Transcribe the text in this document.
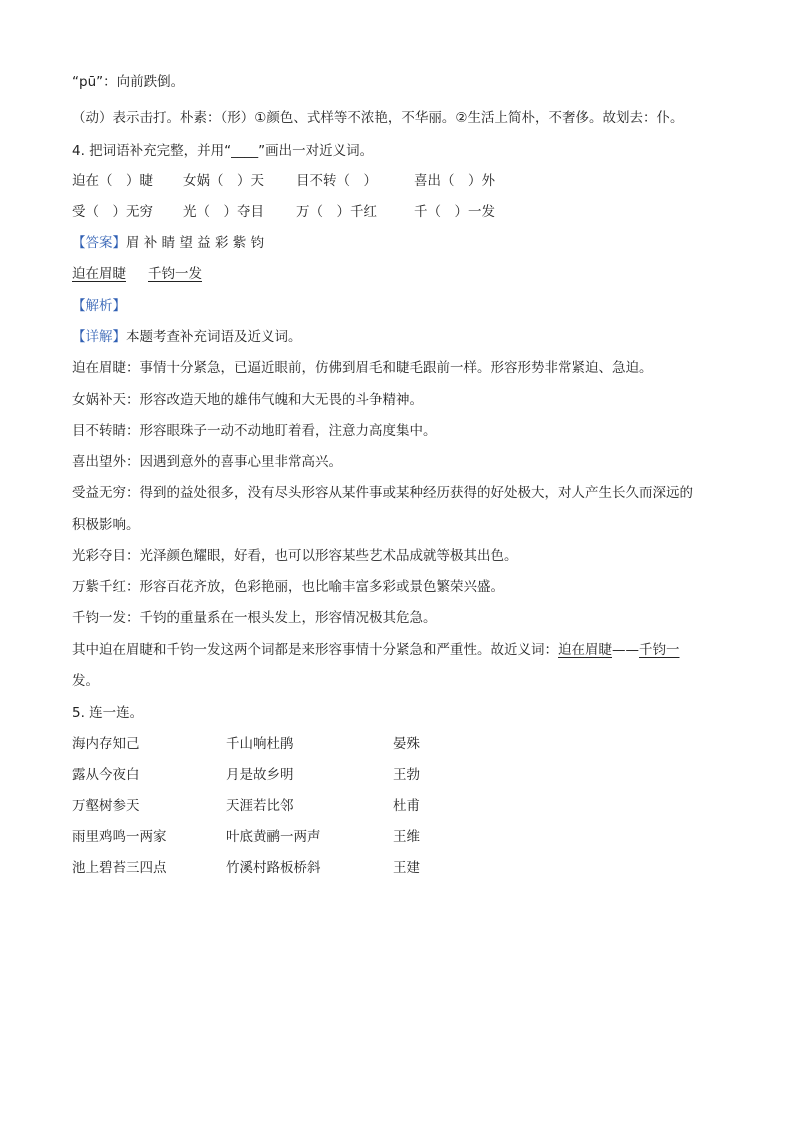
“pū”：向前跌倒。
（动）表示击打。朴素：（形）①颜色、式样等不浓艳，不华丽。②生活上简朴，不奢侈。故划去：仆。
4. 把词语补充完整，并用“____”画出一对近义词。
迫在（　）睫 女娲（　）天 目不转（　）	喜出（　）外
受（　）无穷 光（　）夺目 万（　）千红	千（　）一发
【答案】眉 补 睛 望 益 彩 紫 钧
迫在眉睫 千钧一发
【解析】
【详解】本题考查补充词语及近义词。
迫在眉睫：事情十分紧急，已逼近眼前，仿佛到眉毛和睫毛跟前一样。形容形势非常紧迫、急迫。
女娲补天：形容改造天地的雄伟气魄和大无畏的斗争精神。
目不转睛：形容眼珠子一动不动地盯着看，注意力高度集中。
喜出望外：因遇到意外的喜事心里非常高兴。
受益无穷：得到的益处很多，没有尽头形容从某件事或某种经历获得的好处极大，对人产生长久而深远的
积极影响。
光彩夺目：光泽颜色耀眼，好看，也可以形容某些艺术品成就等极其出色。
万紫千红：形容百花齐放，色彩艳丽，也比喻丰富多彩或景色繁荣兴盛。
千钧一发：千钧的重量系在一根头发上，形容情况极其危急。
其中迫在眉睫和千钧一发这两个词都是来形容事情十分紧急和严重性。故近义词：迫在眉睫——千钧一
发。
5. 连一连。
海内存知己
露从今夜白
万壑树参天
雨里鸡鸣一两家
池上碧苔三四点
千山响杜鹃
月是故乡明
天涯若比邻
叶底黄鹂一两声
竹溪村路板桥斜
晏殊
王勃
杜甫
王维
王建
